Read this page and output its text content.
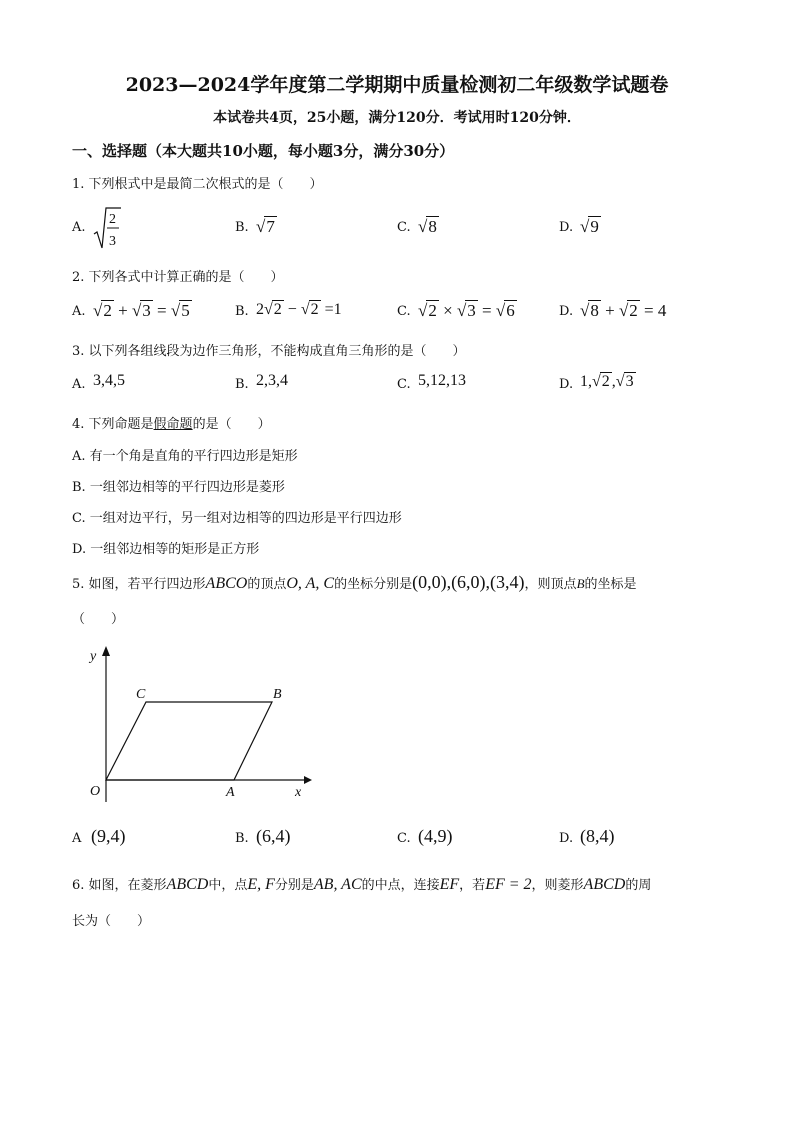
2023—2024学年度第二学期期中质量检测初二年级数学试题卷
本试卷共4页，25小题，满分120分．考试用时120分钟．
一、选择题（本大题共10小题，每小题3分，满分30分）
1. 下列根式中是最简二次根式的是（　　）
A.
2
3
B. √7	C. √8	D. √9
2. 下列各式中计算正确的是（　　）
A. √2 + √3 = √5	B. 2√2 − √2 =1	C. √2 × √3 = √6	D. √8 + √2 = 4
3. 以下列各组线段为边作三角形，不能构成直角三角形的是（　　）
A. 3,4,5	B. 2,3,4	C. 5,12,13	D. 1,√2 ,√3
4. 下列命题是假命题的是（　　）
A. 有一个角是直角的平行四边形是矩形
B. 一组邻边相等的平行四边形是菱形
C. 一组对边平行，另一组对边相等的四边形是平行四边形
D. 一组邻边相等的矩形是正方形
5. 如图，若平行四边形ABCO的顶点O, A, C的坐标分别是(0,0),(6,0),(3,4)，则顶点B的坐标是
（　　）
y
x
O	A
B
C
A (9,4)	B. (6,4)	C. (4,9)	D. (8,4)
6. 如图，在菱形ABCD中，点E, F分别是AB, AC的中点，连接EF，若EF = 2，则菱形ABCD的周
长为（　　）
